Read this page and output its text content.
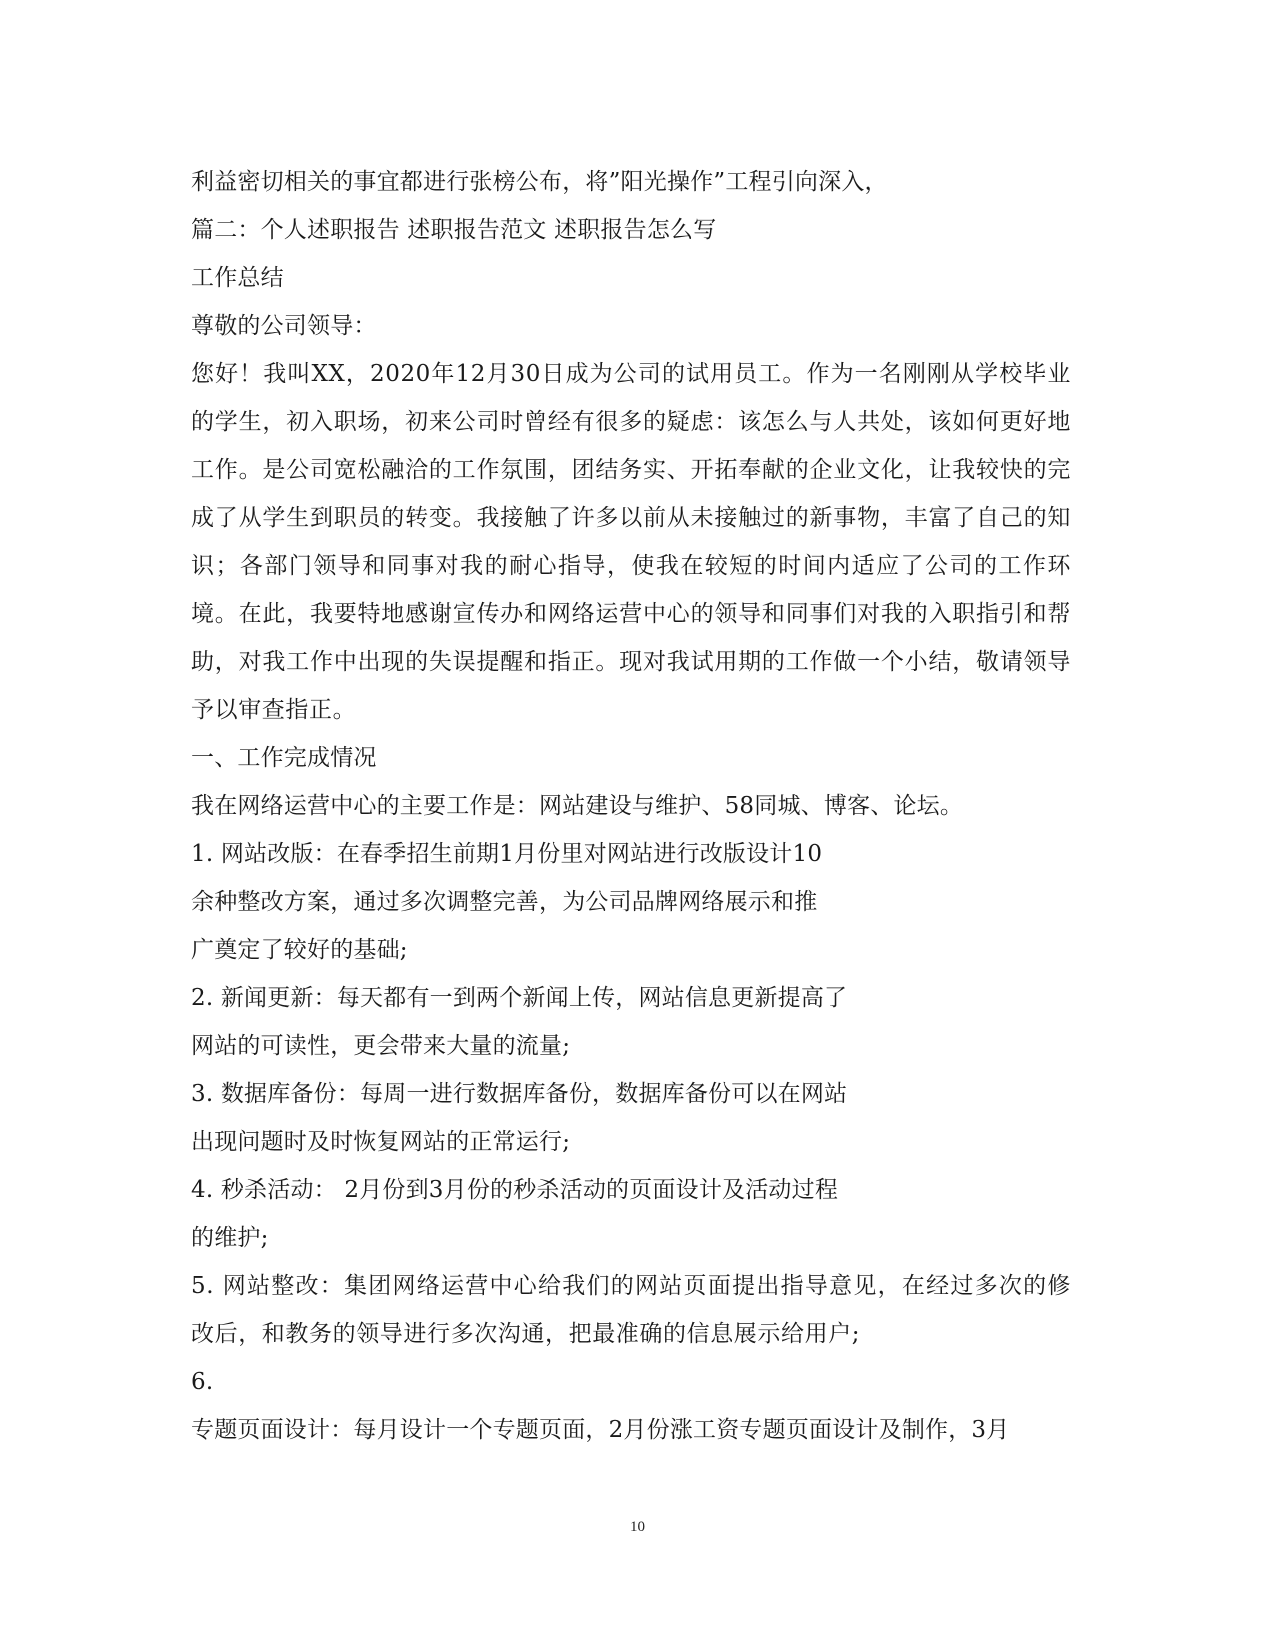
利益密切相关的事宜都进行张榜公布，将”阳光操作”工程引向深入，
篇二：个人述职报告 述职报告范文 述职报告怎么写
工作总结
尊敬的公司领导：

您好！我叫XX，2020年12月30日成为公司的试用员工。作为一名刚刚从学校毕业的学生，初入职场，初来公司时曾经有很多的疑虑：该怎么与人共处，该如何更好地工作。是公司宽松融洽的工作氛围，团结务实、开拓奉献的企业文化，让我较快的完成了从学生到职员的转变。我接触了许多以前从未接触过的新事物，丰富了自己的知识；各部门领导和同事对我的耐心指导，使我在较短的时间内适应了公司的工作环境。在此，我要特地感谢宣传办和网络运营中心的领导和同事们对我的入职指引和帮助，对我工作中出现的失误提醒和指正。现对我试用期的工作做一个小结，敬请领导予以审查指正。

一、工作完成情况
我在网络运营中心的主要工作是：网站建设与维护、58同城、博客、论坛。
1. 网站改版：在春季招生前期1月份里对网站进行改版设计10
余种整改方案，通过多次调整完善，为公司品牌网络展示和推
广奠定了较好的基础;
2. 新闻更新：每天都有一到两个新闻上传，网站信息更新提高了
网站的可读性，更会带来大量的流量;
3. 数据库备份：每周一进行数据库备份，数据库备份可以在网站
出现问题时及时恢复网站的正常运行;
4. 秒杀活动： 2月份到3月份的秒杀活动的页面设计及活动过程
的维护;

5. 网站整改：集团网络运营中心给我们的网站页面提出指导意见，在经过多次的修改后，和教务的领导进行多次沟通，把最准确的信息展示给用户;

6.
专题页面设计：每月设计一个专题页面，2月份涨工资专题页面设计及制作，3月
10
